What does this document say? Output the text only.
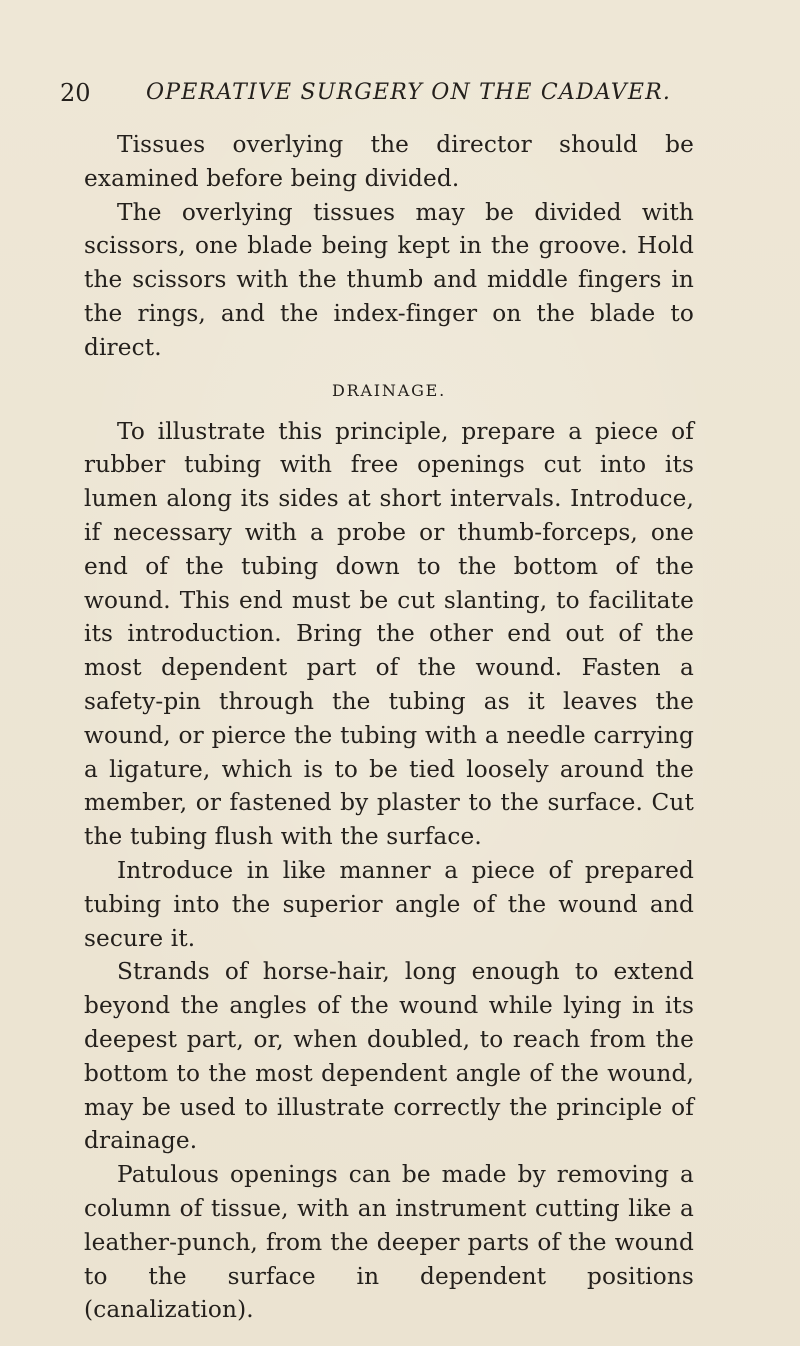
20	OPERATIVE SURGERY ON THE CADAVER.

Tissues overlying the director should be examined before being divided.

The overlying tissues may be divided with scissors, one blade being kept in the groove. Hold the scissors with the thumb and middle fingers in the rings, and the index-finger on the blade to direct.

DRAINAGE.

To illustrate this principle, prepare a piece of rubber tubing with free openings cut into its lumen along its sides at short intervals. Introduce, if necessary with a probe or thumb-forceps, one end of the tubing down to the bottom of the wound. This end must be cut slanting, to facilitate its introduction. Bring the other end out of the most dependent part of the wound. Fasten a safety-pin through the tubing as it leaves the wound, or pierce the tubing with a needle carrying a ligature, which is to be tied loosely around the member, or fastened by plaster to the surface. Cut the tubing flush with the surface.

Introduce in like manner a piece of prepared tubing into the superior angle of the wound and secure it.

Strands of horse-hair, long enough to extend beyond the angles of the wound while lying in its deepest part, or, when doubled, to reach from the bottom to the most dependent angle of the wound, may be used to illustrate correctly the principle of drainage.

Patulous openings can be made by removing a column of tissue, with an instrument cutting like a leather-punch, from the deeper parts of the wound to the surface in dependent positions (canalization).
